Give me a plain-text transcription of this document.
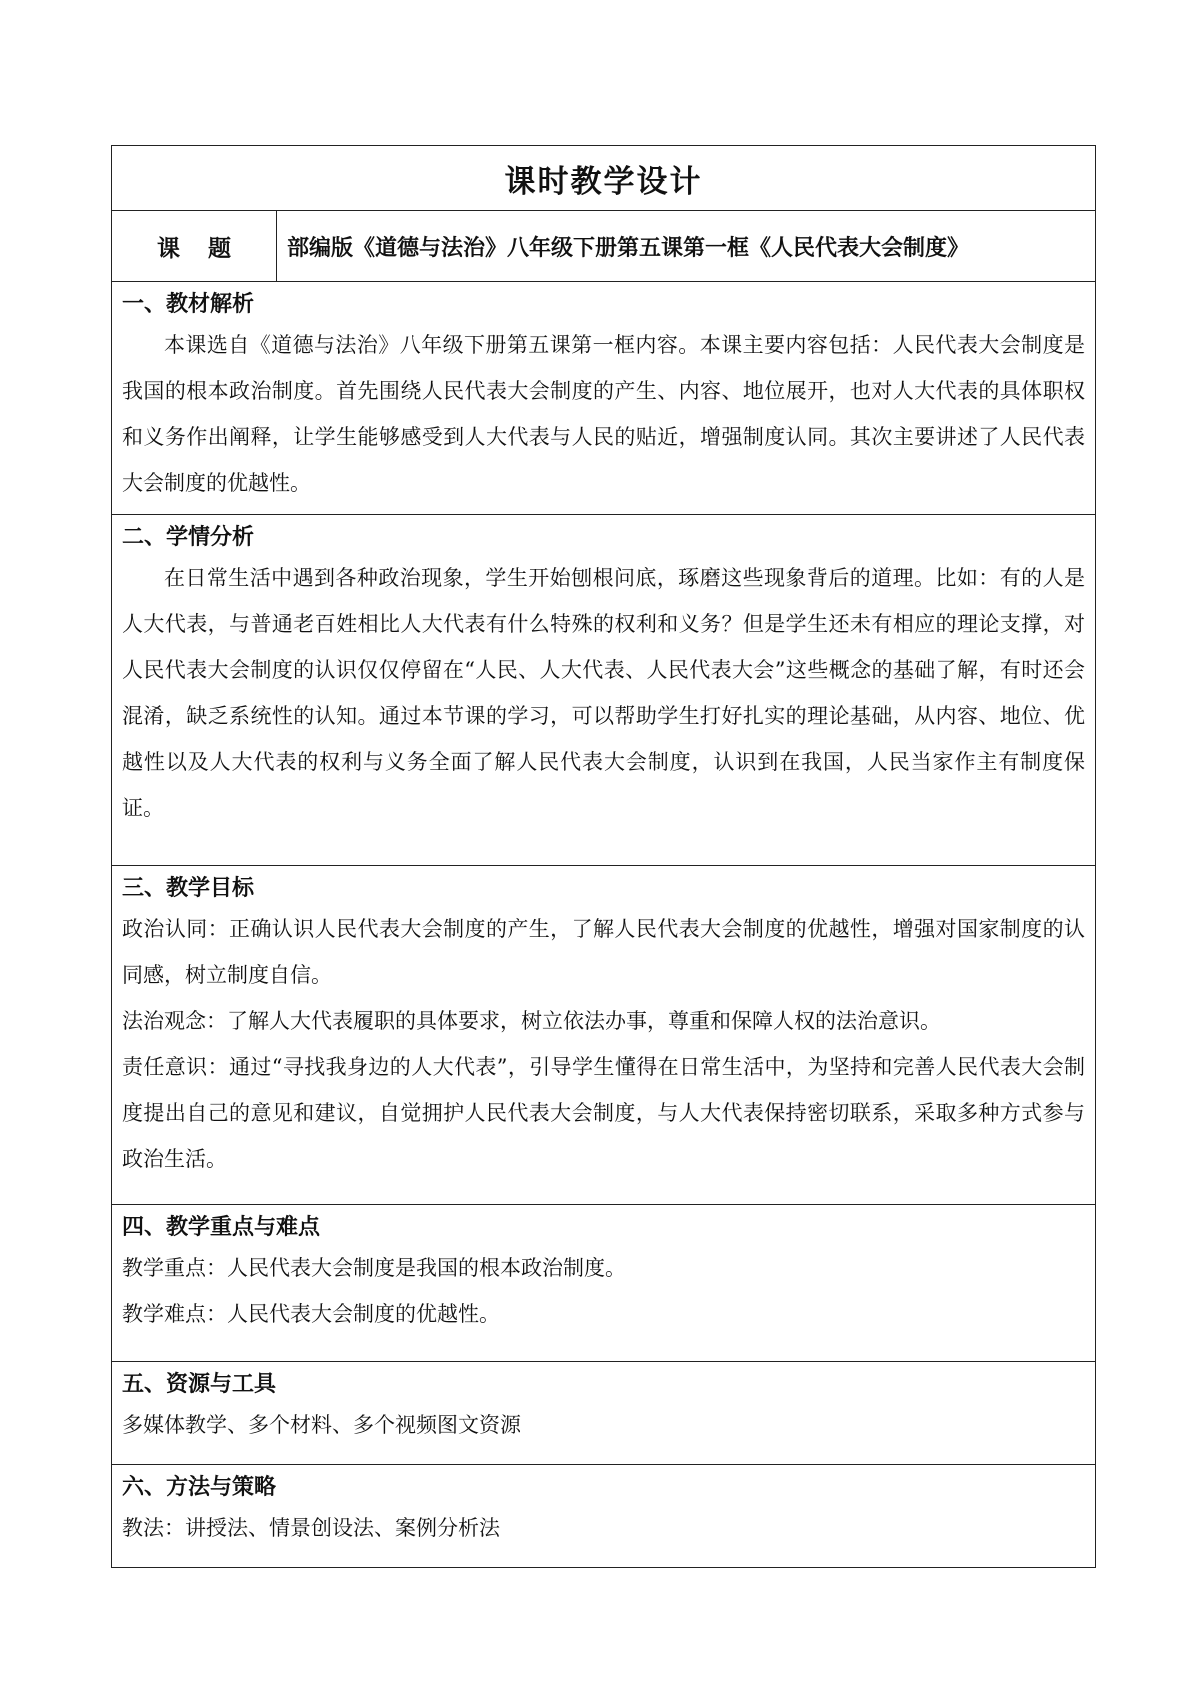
课时教学设计
课 题	部编版《道德与法治》八年级下册第五课第一框《人民代表大会制度》

一、教材解析

本课选自《道德与法治》八年级下册第五课第一框内容。本课主要内容包括：人民代表大会制度是我国的根本政治制度。首先围绕人民代表大会制度的产生、内容、地位展开，也对人大代表的具体职权和义务作出阐释，让学生能够感受到人大代表与人民的贴近，增强制度认同。其次主要讲述了人民代表大会制度的优越性。

二、学情分析

在日常生活中遇到各种政治现象，学生开始刨根问底，琢磨这些现象背后的道理。比如：有的人是人大代表，与普通老百姓相比人大代表有什么特殊的权利和义务？但是学生还未有相应的理论支撑，对人民代表大会制度的认识仅仅停留在“人民、人大代表、人民代表大会”这些概念的基础了解，有时还会混淆，缺乏系统性的认知。通过本节课的学习，可以帮助学生打好扎实的理论基础，从内容、地位、优越性以及人大代表的权利与义务全面了解人民代表大会制度，认识到在我国，人民当家作主有制度保证。

三、教学目标

政治认同：正确认识人民代表大会制度的产生，了解人民代表大会制度的优越性，增强对国家制度的认同感，树立制度自信。

法治观念：了解人大代表履职的具体要求，树立依法办事，尊重和保障人权的法治意识。

责任意识：通过“寻找我身边的人大代表”，引导学生懂得在日常生活中，为坚持和完善人民代表大会制度提出自己的意见和建议，自觉拥护人民代表大会制度，与人大代表保持密切联系，采取多种方式参与政治生活。

四、教学重点与难点

教学重点：人民代表大会制度是我国的根本政治制度。

教学难点：人民代表大会制度的优越性。

五、资源与工具

多媒体教学、多个材料、多个视频图文资源

六、方法与策略

教法：讲授法、情景创设法、案例分析法
